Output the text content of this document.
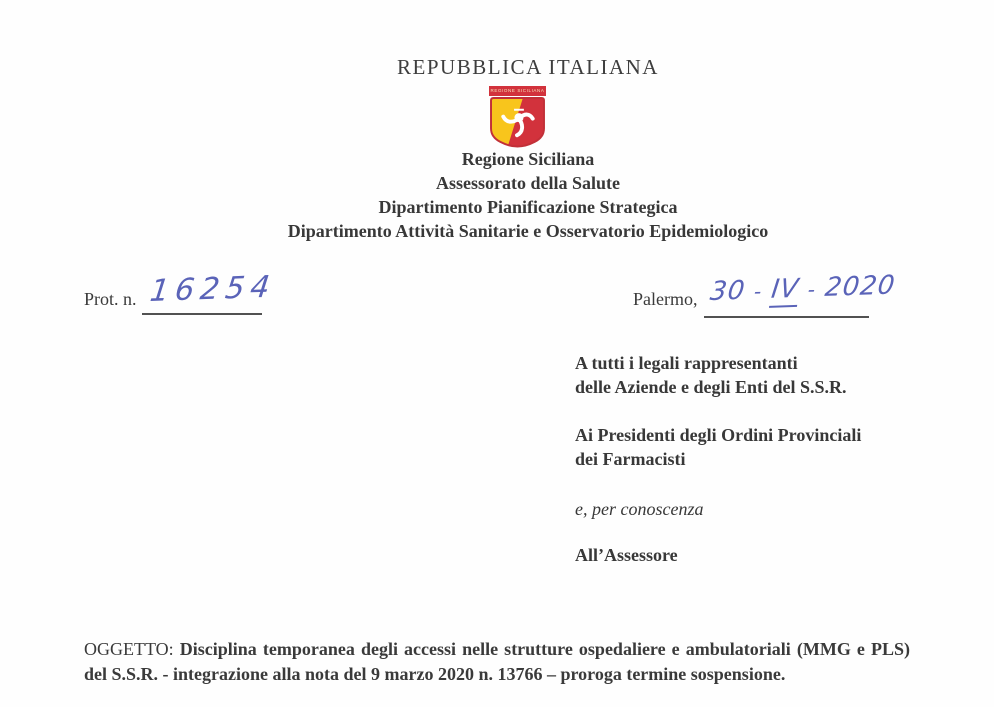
REPUBBLICA ITALIANA
REGIONE SICILIANA
Regione Siciliana
Assessorato della Salute
Dipartimento Pianificazione Strategica
Dipartimento Attività Sanitarie e Osservatorio Epidemiologico
Prot. n. 16254	Palermo, 30 - IV - 2020
A tutti i legali rappresentanti
delle Aziende e degli Enti del S.S.R.
Ai Presidenti degli Ordini Provinciali
dei Farmacisti
e, per conoscenza
All’Assessore

OGGETTO: Disciplina temporanea degli accessi nelle strutture ospedaliere e ambulatoriali (MMG e PLS) del S.S.R. - integrazione alla nota del 9 marzo 2020 n. 13766 – proroga termine sospensione.
